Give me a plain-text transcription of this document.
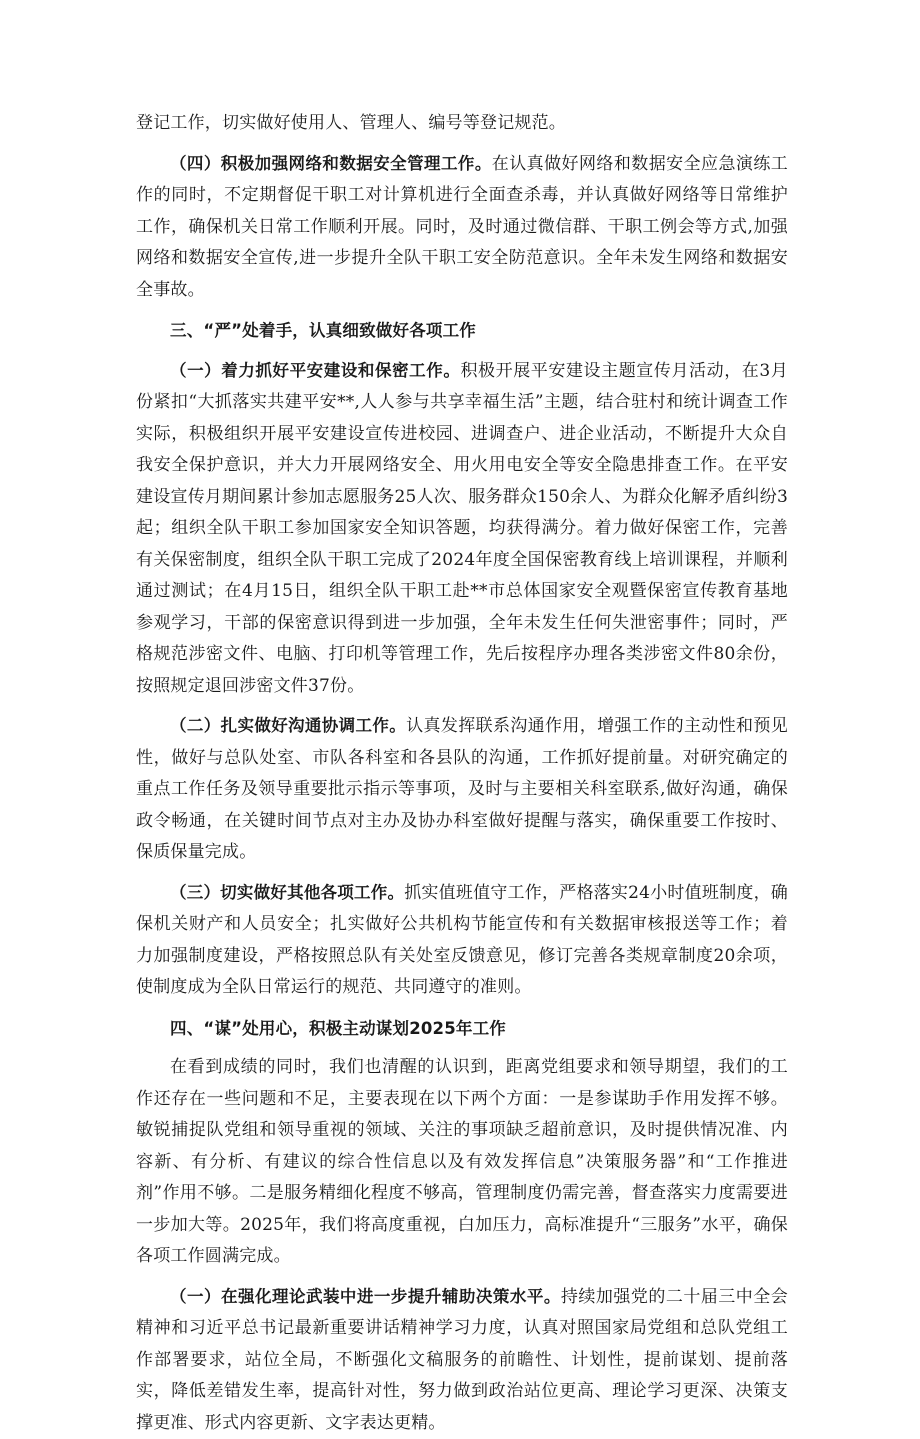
登记工作，切实做好使用人、管理人、编号等登记规范。

（四）积极加强网络和数据安全管理工作。在认真做好网络和数据安全应急演练工作的同时，不定期督促干职工对计算机进行全面查杀毒，并认真做好网络等日常维护工作，确保机关日常工作顺利开展。同时，及时通过微信群、干职工例会等方式,加强网络和数据安全宣传,进一步提升全队干职工安全防范意识。全年未发生网络和数据安全事故。

三、“严”处着手，认真细致做好各项工作

（一）着力抓好平安建设和保密工作。积极开展平安建设主题宣传月活动，在3月份紧扣“大抓落实共建平安**,人人参与共享幸福生活”主题，结合驻村和统计调查工作实际，积极组织开展平安建设宣传进校园、进调查户、进企业活动，不断提升大众自我安全保护意识，并大力开展网络安全、用火用电安全等安全隐患排查工作。在平安建设宣传月期间累计参加志愿服务25人次、服务群众150余人、为群众化解矛盾纠纷3起；组织全队干职工参加国家安全知识答题，均获得满分。着力做好保密工作，完善有关保密制度，组织全队干职工完成了2024年度全国保密教育线上培训课程，并顺利通过测试；在4月15日，组织全队干职工赴**市总体国家安全观暨保密宣传教育基地参观学习，干部的保密意识得到进一步加强，全年未发生任何失泄密事件；同时，严格规范涉密文件、电脑、打印机等管理工作，先后按程序办理各类涉密文件80余份，按照规定退回涉密文件37份。

（二）扎实做好沟通协调工作。认真发挥联系沟通作用，增强工作的主动性和预见性，做好与总队处室、市队各科室和各县队的沟通，工作抓好提前量。对研究确定的重点工作任务及领导重要批示指示等事项，及时与主要相关科室联系,做好沟通，确保政令畅通，在关键时间节点对主办及协办科室做好提醒与落实，确保重要工作按时、保质保量完成。

（三）切实做好其他各项工作。抓实值班值守工作，严格落实24小时值班制度，确保机关财产和人员安全；扎实做好公共机构节能宣传和有关数据审核报送等工作；着力加强制度建设，严格按照总队有关处室反馈意见，修订完善各类规章制度20余项，使制度成为全队日常运行的规范、共同遵守的准则。

四、“谋”处用心，积极主动谋划2025年工作

在看到成绩的同时，我们也清醒的认识到，距离党组要求和领导期望，我们的工作还存在一些问题和不足，主要表现在以下两个方面：一是参谋助手作用发挥不够。敏锐捕捉队党组和领导重视的领域、关注的事项缺乏超前意识，及时提供情况准、内容新、有分析、有建议的综合性信息以及有效发挥信息”决策服务器”和“工作推进剂”作用不够。二是服务精细化程度不够高，管理制度仍需完善，督查落实力度需要进一步加大等。2025年，我们将高度重视，白加压力，高标准提升“三服务”水平，确保各项工作圆满完成。

（一）在强化理论武装中进一步提升辅助决策水平。持续加强党的二十届三中全会精神和习近平总书记最新重要讲话精神学习力度，认真对照国家局党组和总队党组工作部署要求，站位全局，不断强化文稿服务的前瞻性、计划性，提前谋划、提前落实，降低差错发生率，提高针对性，努力做到政治站位更高、理论学习更深、决策支撑更准、形式内容更新、文字表达更精。
